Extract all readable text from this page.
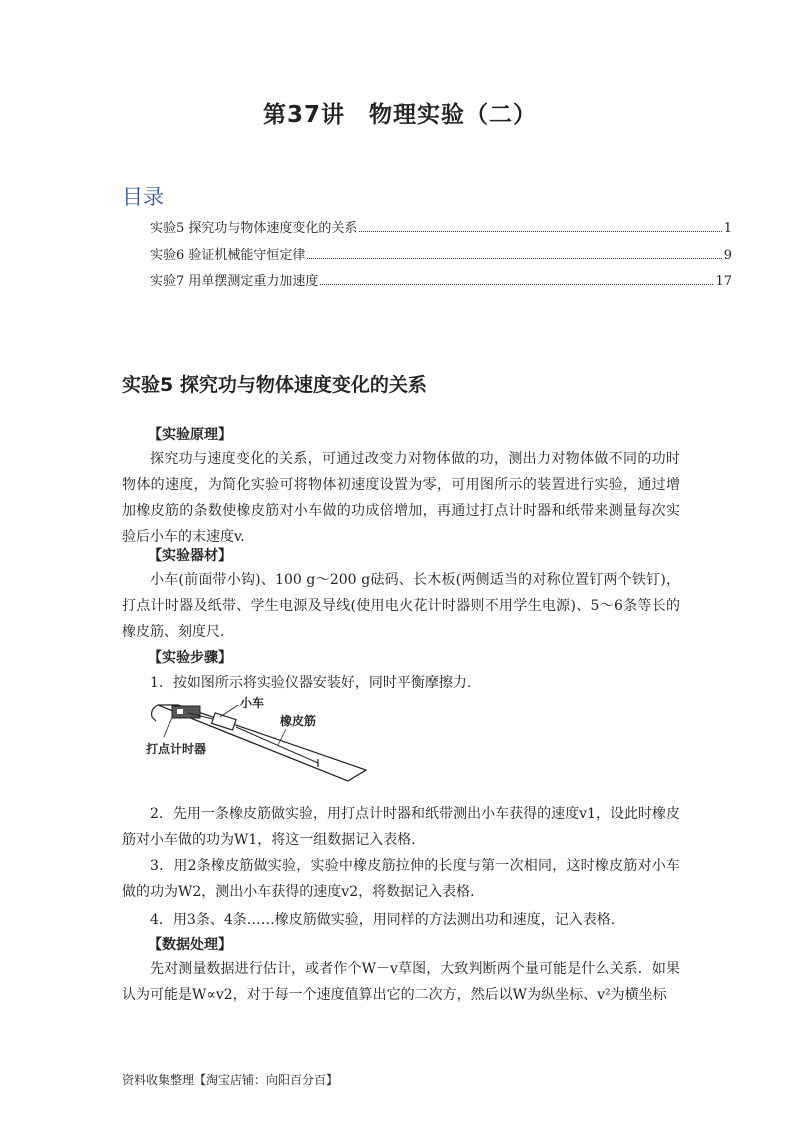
第37讲　物理实验（二）
目录
实验5 探究功与物体速度变化的关系	1
实验6 验证机械能守恒定律	9
实验7 用单摆测定重力加速度	17
实验5 探究功与物体速度变化的关系
【实验原理】
探究功与速度变化的关系，可通过改变力对物体做的功，测出力对物体做不同的功时物体的速度，为简化实验可将物体初速度设置为零，可用图所示的装置进行实验，通过增加橡皮筋的条数使橡皮筋对小车做的功成倍增加，再通过打点计时器和纸带来测量每次实验后小车的末速度v.
【实验器材】
小车(前面带小钩)、100 g～200 g砝码、长木板(两侧适当的对称位置钉两个铁钉)，打点计时器及纸带、学生电源及导线(使用电火花计时器则不用学生电源)、5～6条等长的橡皮筋、刻度尺.
【实验步骤】
1．按如图所示将实验仪器安装好，同时平衡摩擦力.
小车
橡皮筋
打点计时器
2．先用一条橡皮筋做实验，用打点计时器和纸带测出小车获得的速度v1，设此时橡皮筋对小车做的功为W1，将这一组数据记入表格.
3．用2条橡皮筋做实验，实验中橡皮筋拉伸的长度与第一次相同，这时橡皮筋对小车做的功为W2，测出小车获得的速度v2，将数据记入表格.
4．用3条、4条……橡皮筋做实验，用同样的方法测出功和速度，记入表格.
【数据处理】
先对测量数据进行估计，或者作个W－v草图，大致判断两个量可能是什么关系．如果认为可能是W∝v2，对于每一个速度值算出它的二次方，然后以W为纵坐标、v²为横坐标
资料收集整理【淘宝店铺：向阳百分百】
